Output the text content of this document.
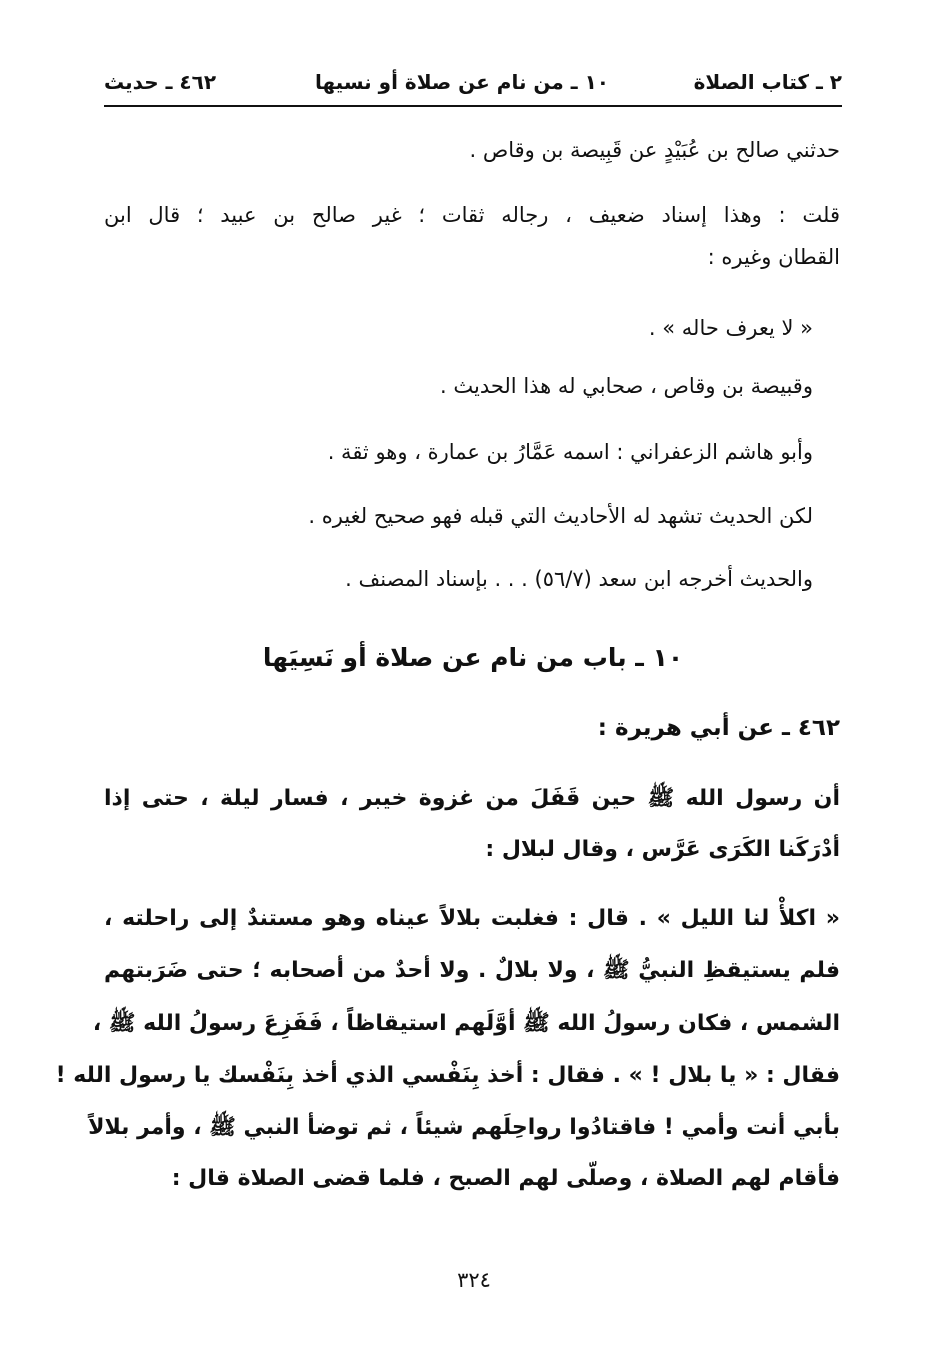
٢ ـ كتاب الصلاة
١٠ ـ من نام عن صلاة أو نسيها
٤٦٢ ـ حديث
حدثني صالح بن عُبَيْدٍ عن قَبِيصة بن وقاص .
قلت : وهذا إسناد ضعيف ، رجاله ثقات ؛ غير صالح بن عبيد ؛ قال ابن
القطان وغيره :
« لا يعرف حاله » .
وقبيصة بن وقاص ، صحابي له هذا الحديث .
وأبو هاشم الزعفراني : اسمه عَمَّارُ بن عمارة ، وهو ثقة .
لكن الحديث تشهد له الأحاديث التي قبله فهو صحيح لغيره .
والحديث أخرجه ابن سعد (٥٦/٧) . . . بإسناد المصنف .
١٠ ـ باب من نام عن صلاة أو نَسِيَها
٤٦٢ ـ عن أبي هريرة :
أن رسول الله ﷺ حين قَفَلَ من غزوة خيبر ، فسار ليلة ، حتى إذا
أدْرَكَنا الكَرَى عَرَّس ، وقال لبلال :
« اكلأْ لنا الليل » . قال : فغلبت بلالاً عيناه وهو مستندٌ إلى راحلته ،
فلم يستيقظِ النبيُّ ﷺ ، ولا بلالٌ . ولا أحدٌ من أصحابه ؛ حتى ضَرَبتهم
الشمس ، فكان رسولُ الله ﷺ أوَّلَهم استيقاظاً ، فَفَزِعَ رسولُ الله ﷺ ،
فقال : « يا بلال ! » . فقال : أخذ بِنَفْسي الذي أخذ بِنَفْسك يا رسول الله !
بأبي أنت وأمي ! فاقتادُوا رواحِلَهم شيئاً ، ثم توضأ النبي ﷺ ، وأمر بلالاً
فأقام لهم الصلاة ، وصلّى لهم الصبح ، فلما قضى الصلاة قال :
٣٢٤
